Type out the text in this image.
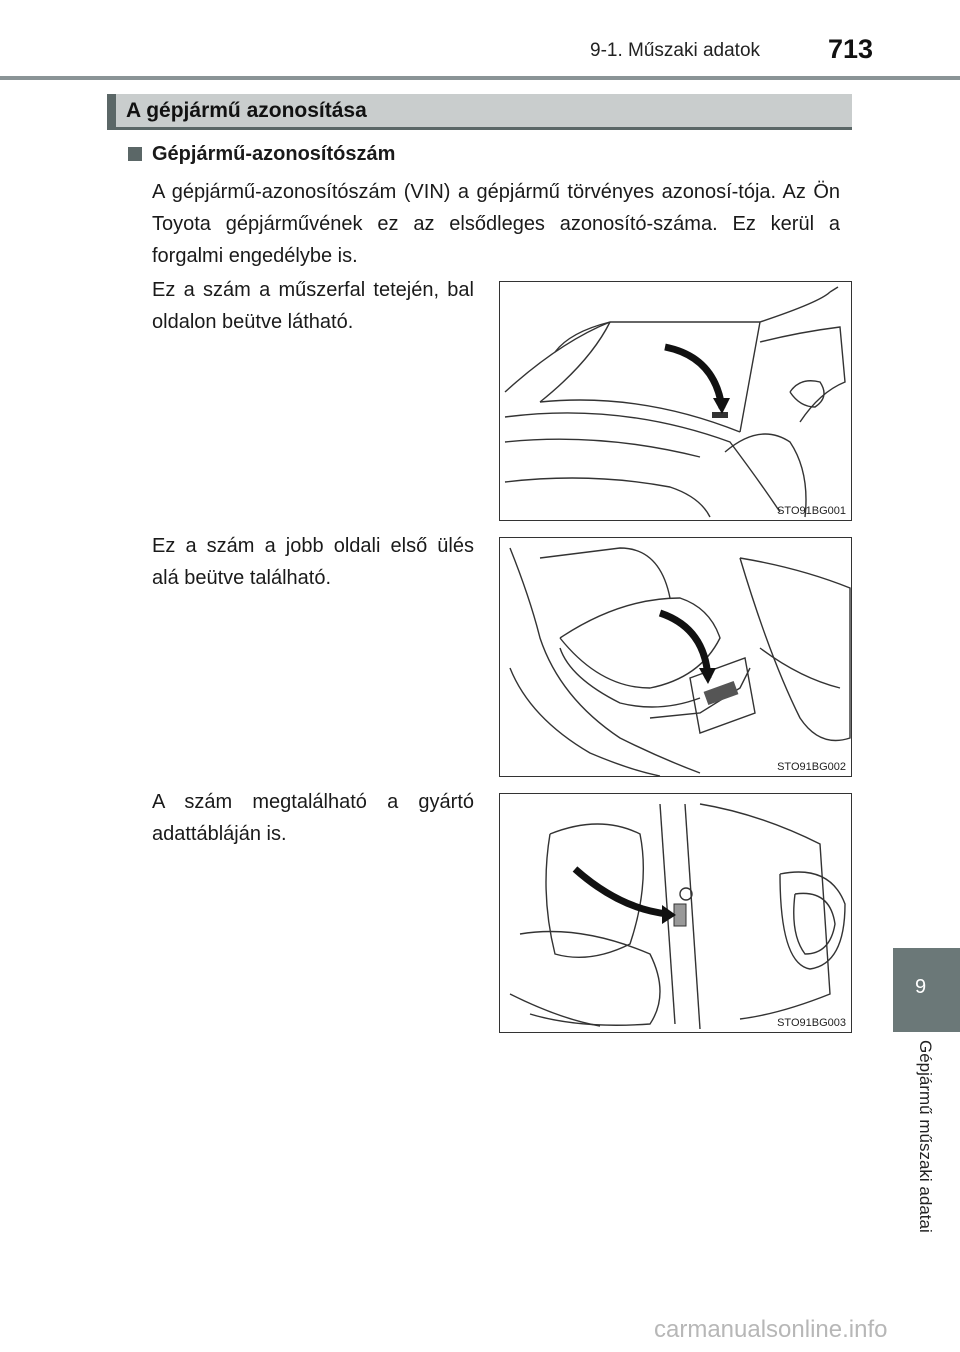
9-1. Műszaki adatok	713
A gépjármű azonosítása
Gépjármű-azonosítószám
A gépjármű-azonosítószám (VIN) a gépjármű törvényes azonosí-tója. Az Ön Toyota gépjárművének ez az elsődleges azonosító-száma. Ez kerül a forgalmi engedélybe is.
Ez a szám a műszerfal tetején, bal oldalon beütve látható.
STO91BG001
Ez a szám a jobb oldali első ülés alá beütve található.
STO91BG002
A szám megtalálható a gyártó adattábláján is.
STO91BG003
9
Gépjármű műszaki adatai
carmanualsonline.info
